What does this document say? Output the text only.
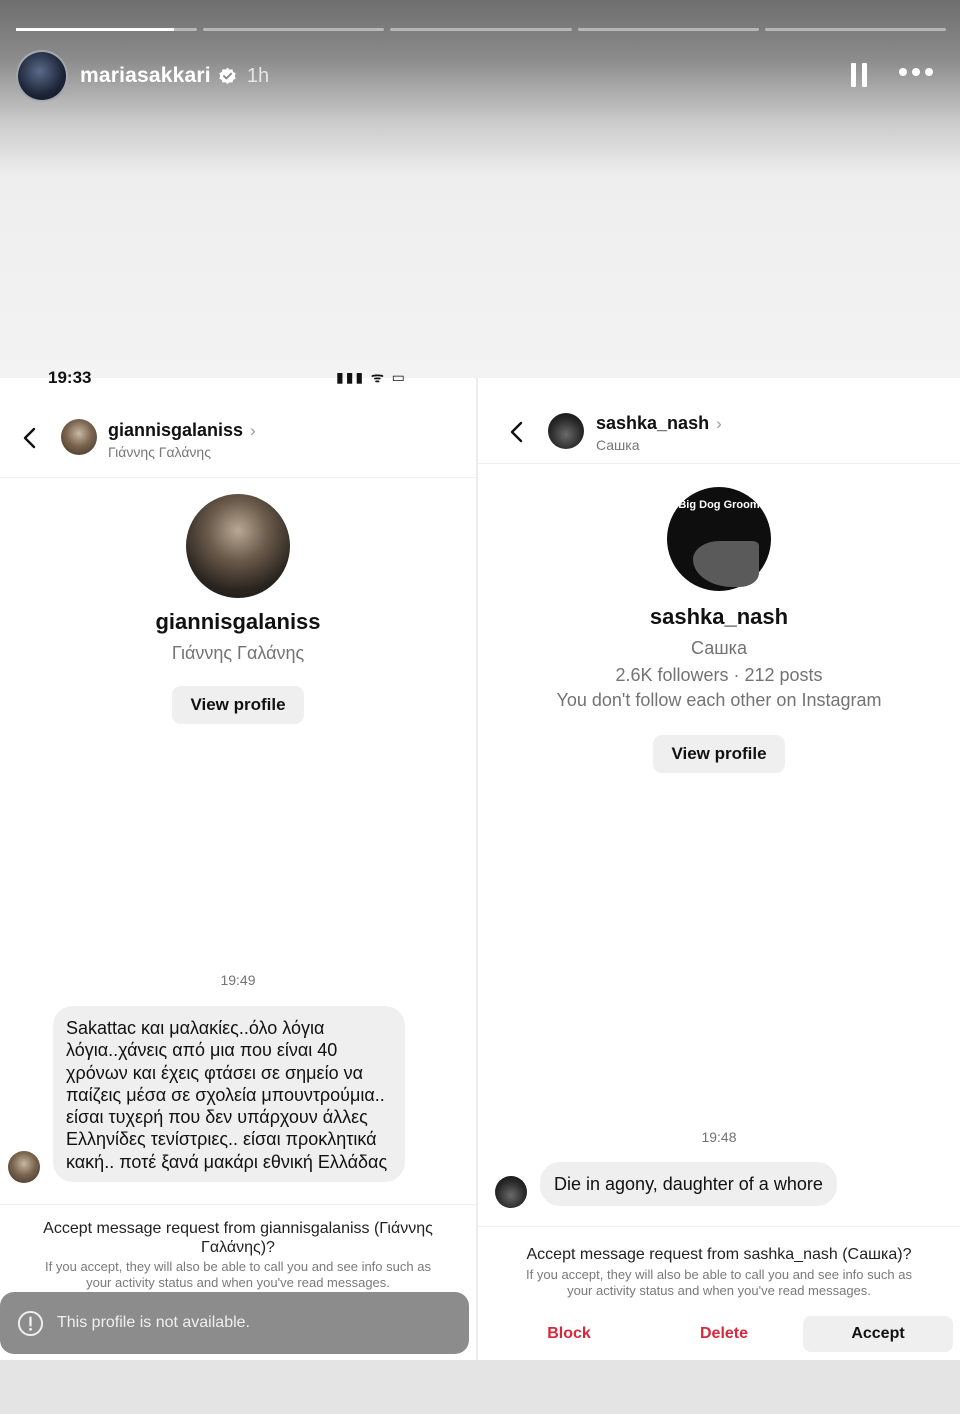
mariasakkari 1h
19:33	▮▮▮ ᯤ ▭
giannisgalaniss ›
Γιάννης Γαλάνης
giannisgalaniss
Γιάννης Γαλάνης
View profile
19:49
Sakattac και μαλακίες..όλο λόγια
λόγια..χάνεις από μια που είναι 40
χρόνων και έχεις φτάσει σε σημείο να
παίζεις μέσα σε σχολεία μπουντρούμια..
είσαι τυχερή που δεν υπάρχουν άλλες
Ελληνίδες τενίστριες.. είσαι προκλητικά
κακή.. ποτέ ξανά μακάρι εθνική Ελλάδας
Accept message request from giannisgalaniss (Γιάννης
Γαλάνης)?
If you accept, they will also be able to call you and see info such as
your activity status and when you've read messages.
This profile is not available.
sashka_nash ›
Сашка
Big Dog Groom
sashka_nash
Сашка
2.6K followers · 212 posts
You don't follow each other on Instagram
View profile
19:48
Die in agony, daughter of a whore
Accept message request from sashka_nash (Сашка)?
If you accept, they will also be able to call you and see info such as
your activity status and when you've read messages.
Block	Delete	Accept
